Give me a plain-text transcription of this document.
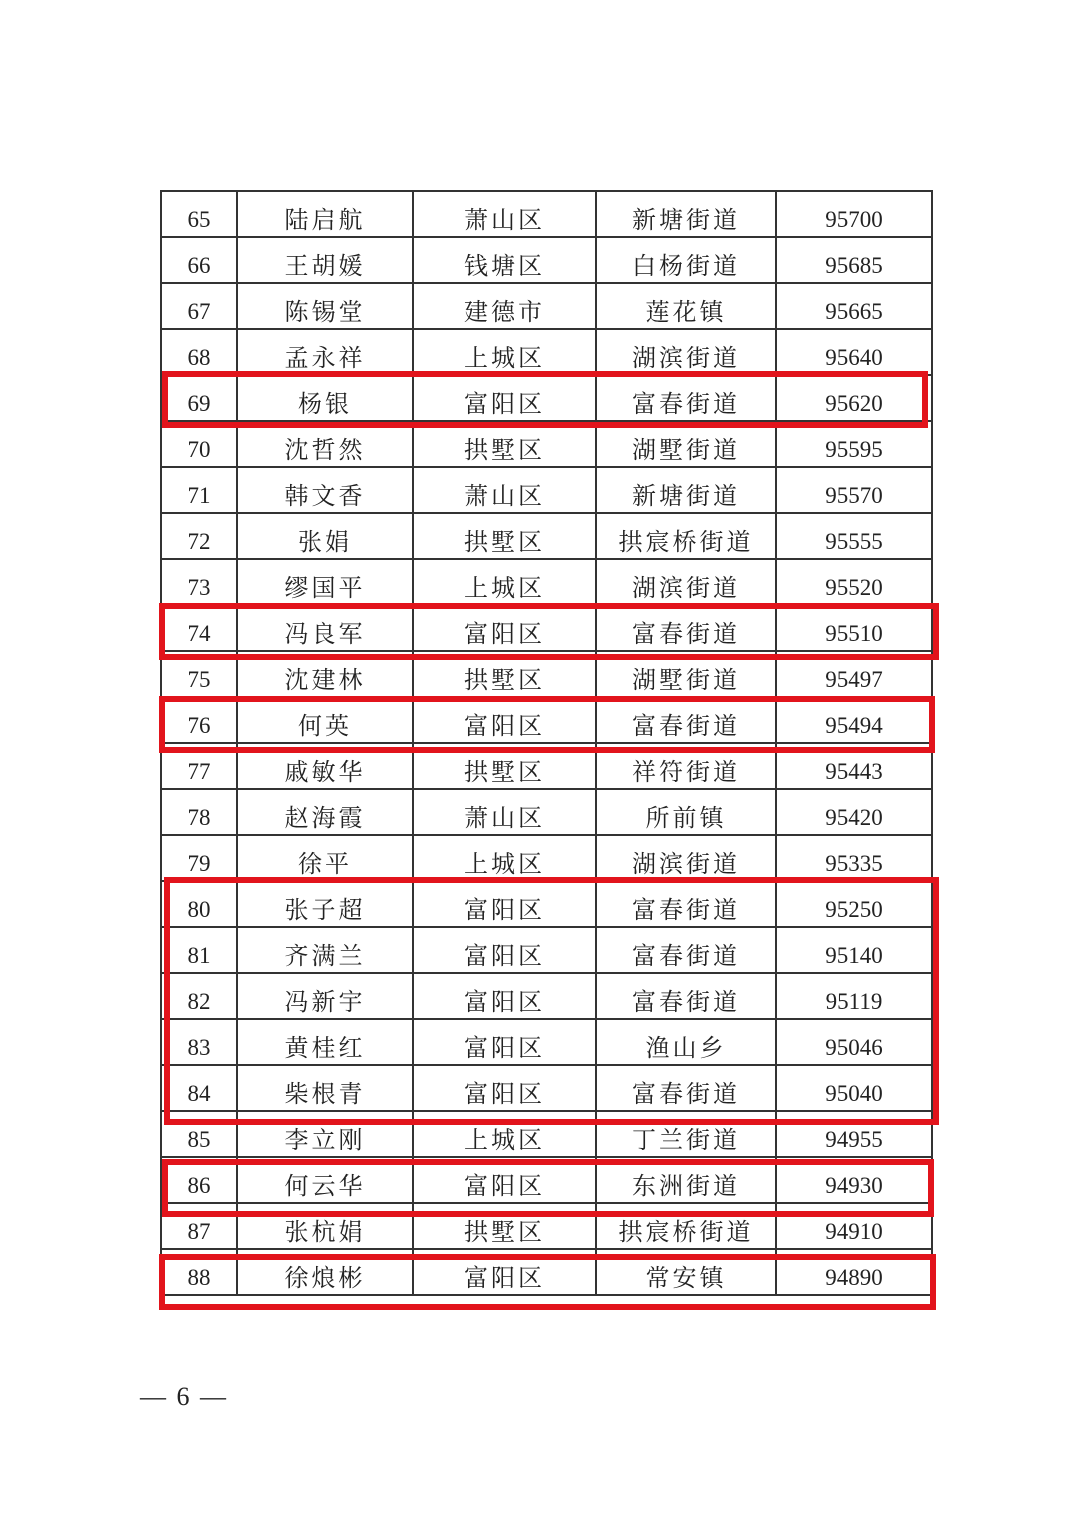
65	陆启航	萧山区	新塘街道	95700
66	王胡媛	钱塘区	白杨街道	95685
67	陈锡堂	建德市	莲花镇	95665
68	孟永祥	上城区	湖滨街道	95640
69	杨银	富阳区	富春街道	95620
70	沈哲然	拱墅区	湖墅街道	95595
71	韩文香	萧山区	新塘街道	95570
72	张娟	拱墅区	拱宸桥街道	95555
73	缪国平	上城区	湖滨街道	95520
74	冯良军	富阳区	富春街道	95510
75	沈建林	拱墅区	湖墅街道	95497
76	何英	富阳区	富春街道	95494
77	戚敏华	拱墅区	祥符街道	95443
78	赵海霞	萧山区	所前镇	95420
79	徐平	上城区	湖滨街道	95335
80	张子超	富阳区	富春街道	95250
81	齐满兰	富阳区	富春街道	95140
82	冯新宇	富阳区	富春街道	95119
83	黄桂红	富阳区	渔山乡	95046
84	柴根青	富阳区	富春街道	95040
85	李立刚	上城区	丁兰街道	94955
86	何云华	富阳区	东洲街道	94930
87	张杭娟	拱墅区	拱宸桥街道	94910
88	徐烺彬	富阳区	常安镇	94890
— 6 —
